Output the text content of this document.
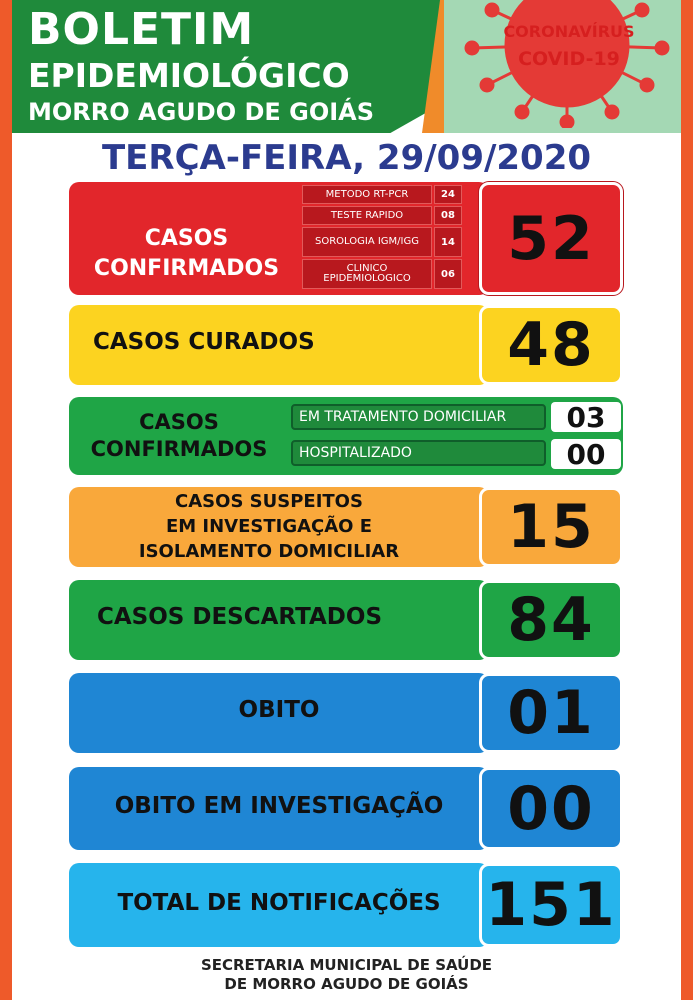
BOLETIM
EPIDEMIOLÓGICO
MORRO AGUDO DE GOIÁS
CORONAVÍRUS
COVID-19
TERÇA-FEIRA, 29/09/2020
CASOS
CONFIRMADOS
METODO RT-PCR	24
TESTE RAPIDO	08
SOROLOGIA IGM/IGG	14
CLINICO EPIDEMIOLOGICO	06
52
CASOS CURADOS	48
CASOS
CONFIRMADOS
EM TRATAMENTO DOMICILIAR	03
HOSPITALIZADO	00
CASOS SUSPEITOS
EM INVESTIGAÇÃO E
ISOLAMENTO DOMICILIAR	15
CASOS DESCARTADOS	84
OBITO	01
OBITO EM INVESTIGAÇÃO	00
TOTAL DE NOTIFICAÇÕES 151
SECRETARIA MUNICIPAL DE SAÚDE
DE MORRO AGUDO DE GOIÁS
